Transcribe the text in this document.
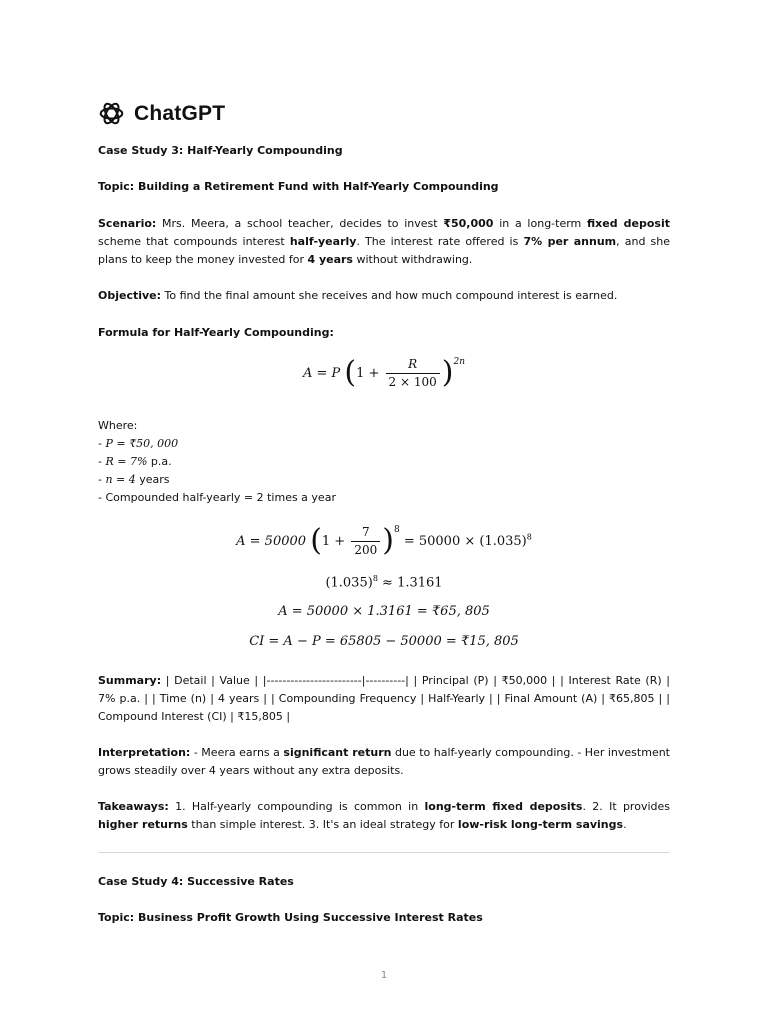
ChatGPT
Case Study 3: Half-Yearly Compounding
Topic: Building a Retirement Fund with Half-Yearly Compounding
Scenario: Mrs. Meera, a school teacher, decides to invest ₹50,000 in a long-term fixed deposit scheme that compounds interest half-yearly. The interest rate offered is 7% per annum, and she plans to keep the money invested for 4 years without withdrawing.
Objective: To find the final amount she receives and how much compound interest is earned.
Formula for Half-Yearly Compounding:
A = P $(1 + \frac{R}{2 \times 100} )^{2n}$
Where:
- P = ₹50, 000
- R = 7% p.a.
- n = 4 years
- Compounded half-yearly = 2 times a year
A = 50000 $(1 + \frac{7}{200} )^8 = 50000 \times (1.035)^8$
$(1.035)^8 \approx 1.3161$
A = 50000 × 1.3161 = ₹65, 805
CI = A − P = 65805 − 50000 = ₹15, 805
Summary: | Detail | Value | |------------------------|----------| | Principal (P) | ₹50,000 | | Interest Rate (R) | 7% p.a. | | Time (n) | 4 years | | Compounding Frequency | Half-Yearly | | Final Amount (A) | ₹65,805 | | Compound Interest (CI) | ₹15,805 |
Interpretation: - Meera earns a significant return due to half-yearly compounding. - Her investment grows steadily over 4 years without any extra deposits.
Takeaways: 1. Half-yearly compounding is common in long-term fixed deposits. 2. It provides higher returns than simple interest. 3. It's an ideal strategy for low-risk long-term savings.
Case Study 4: Successive Rates
Topic: Business Profit Growth Using Successive Interest Rates
1
